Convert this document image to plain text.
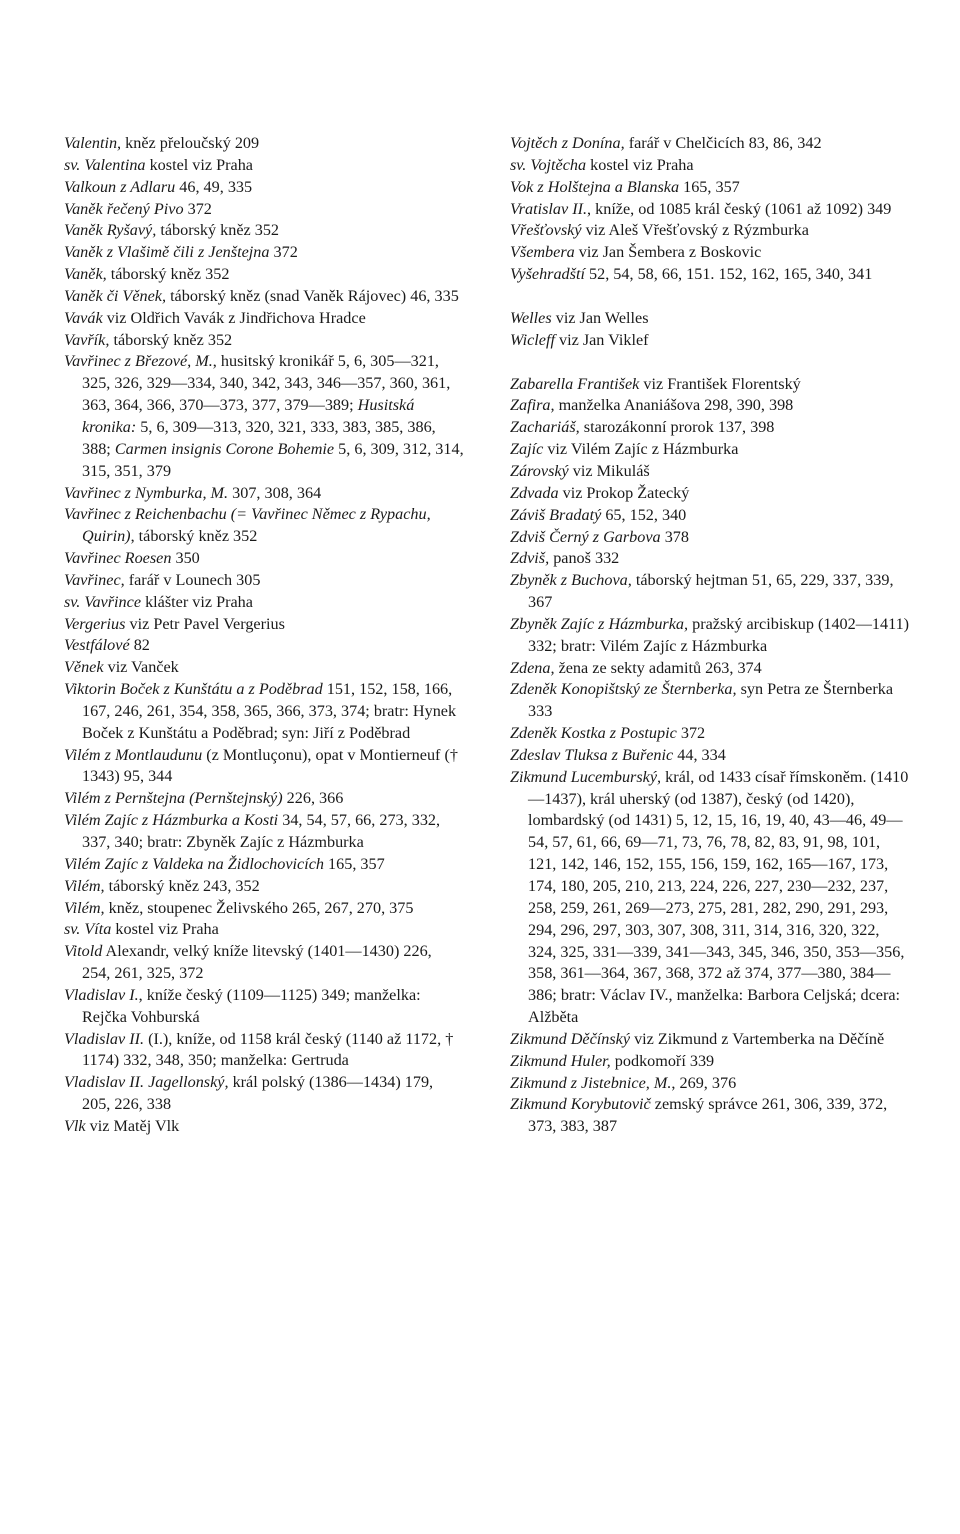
Valentin, kněz přeloučský 209

sv. Valentina kostel viz Praha

Valkoun z Adlaru 46, 49, 335

Vaněk řečený Pivo 372

Vaněk Ryšavý, táborský kněz 352

Vaněk z Vlašimě čili z Jenštejna 372

Vaněk, táborský kněz 352

Vaněk či Věnek, táborský kněz (snad Vaněk Rájovec) 46, 335

Vavák viz Oldřich Vavák z Jindřichova Hradce

Vavřík, táborský kněz 352

Vavřinec z Březové, M., husitský kronikář 5, 6, 305—321, 325, 326, 329—334, 340, 342, 343, 346—357, 360, 361, 363, 364, 366, 370—373, 377, 379—389; Husitská kronika: 5, 6, 309—313, 320, 321, 333, 383, 385, 386, 388; Carmen insignis Corone Bohemie 5, 6, 309, 312, 314, 315, 351, 379

Vavřinec z Nymburka, M. 307, 308, 364

Vavřinec z Reichenbachu (= Vavřinec Němec z Rypachu, Quirin), táborský kněz 352

Vavřinec Roesen 350

Vavřinec, farář v Lounech 305

sv. Vavřince klášter viz Praha

Vergerius viz Petr Pavel Vergerius

Vestfálové 82

Věnek viz Vanček

Viktorin Boček z Kunštátu a z Poděbrad 151, 152, 158, 166, 167, 246, 261, 354, 358, 365, 366, 373, 374; bratr: Hynek Boček z Kunštátu a Poděbrad; syn: Jiří z Poděbrad

Vilém z Montlaudunu (z Montluçonu), opat v Montierneuf († 1343) 95, 344

Vilém z Pernštejna (Pernštejnský) 226, 366

Vilém Zajíc z Házmburka a Kosti 34, 54, 57, 66, 273, 332, 337, 340; bratr: Zbyněk Zajíc z Házmburka

Vilém Zajíc z Valdeka na Židlochovicích 165, 357

Vilém, táborský kněz 243, 352

Vilém, kněz, stoupenec Želivského 265, 267, 270, 375

sv. Víta kostel viz Praha

Vitold Alexandr, velký kníže litevský (1401—1430) 226, 254, 261, 325, 372

Vladislav I., kníže český (1109—1125) 349; manželka: Rejčka Vohburská

Vladislav II. (I.), kníže, od 1158 král český (1140 až 1172, † 1174) 332, 348, 350; manželka: Gertruda

Vladislav II. Jagellonský, král polský (1386—1434) 179, 205, 226, 338

Vlk viz Matěj Vlk

Vojtěch z Donína, farář v Chelčicích 83, 86, 342

sv. Vojtěcha kostel viz Praha

Vok z Holštejna a Blanska 165, 357

Vratislav II., kníže, od 1085 král český (1061 až 1092) 349

Vřešťovský viz Aleš Vřešťovský z Rýzmburka

Všembera viz Jan Šembera z Boskovic

Vyšehradští 52, 54, 58, 66, 151. 152, 162, 165, 340, 341

Welles viz Jan Welles

Wicleff viz Jan Viklef

Zabarella František viz František Florentský

Zafira, manželka Ananiášova 298, 390, 398

Zachariáš, starozákonní prorok 137, 398

Zajíc viz Vilém Zajíc z Házmburka

Zárovský viz Mikuláš

Zdvada viz Prokop Žatecký

Záviš Bradatý 65, 152, 340

Zdviš Černý z Garbova 378

Zdviš, panoš 332

Zbyněk z Buchova, táborský hejtman 51, 65, 229, 337, 339, 367

Zbyněk Zajíc z Házmburka, pražský arcibiskup (1402—1411) 332; bratr: Vilém Zajíc z Házmburka

Zdena, žena ze sekty adamitů 263, 374

Zdeněk Konopištský ze Šternberka, syn Petra ze Šternberka 333

Zdeněk Kostka z Postupic 372

Zdeslav Tluksa z Buřenic 44, 334

Zikmund Lucemburský, král, od 1433 císař římskoněm. (1410—1437), král uherský (od 1387), český (od 1420), lombardský (od 1431) 5, 12, 15, 16, 19, 40, 43—46, 49—54, 57, 61, 66, 69—71, 73, 76, 78, 82, 83, 91, 98, 101, 121, 142, 146, 152, 155, 156, 159, 162, 165—167, 173, 174, 180, 205, 210, 213, 224, 226, 227, 230—232, 237, 258, 259, 261, 269—273, 275, 281, 282, 290, 291, 293, 294, 296, 297, 303, 307, 308, 311, 314, 316, 320, 322, 324, 325, 331—339, 341—343, 345, 346, 350, 353—356, 358, 361—364, 367, 368, 372 až 374, 377—380, 384—386; bratr: Václav IV., manželka: Barbora Celjská; dcera: Alžběta

Zikmund Děčínský viz Zikmund z Vartemberka na Děčíně

Zikmund Huler, podkomoří 339

Zikmund z Jistebnice, M., 269, 376

Zikmund Korybutovič zemský správce 261, 306, 339, 372, 373, 383, 387
